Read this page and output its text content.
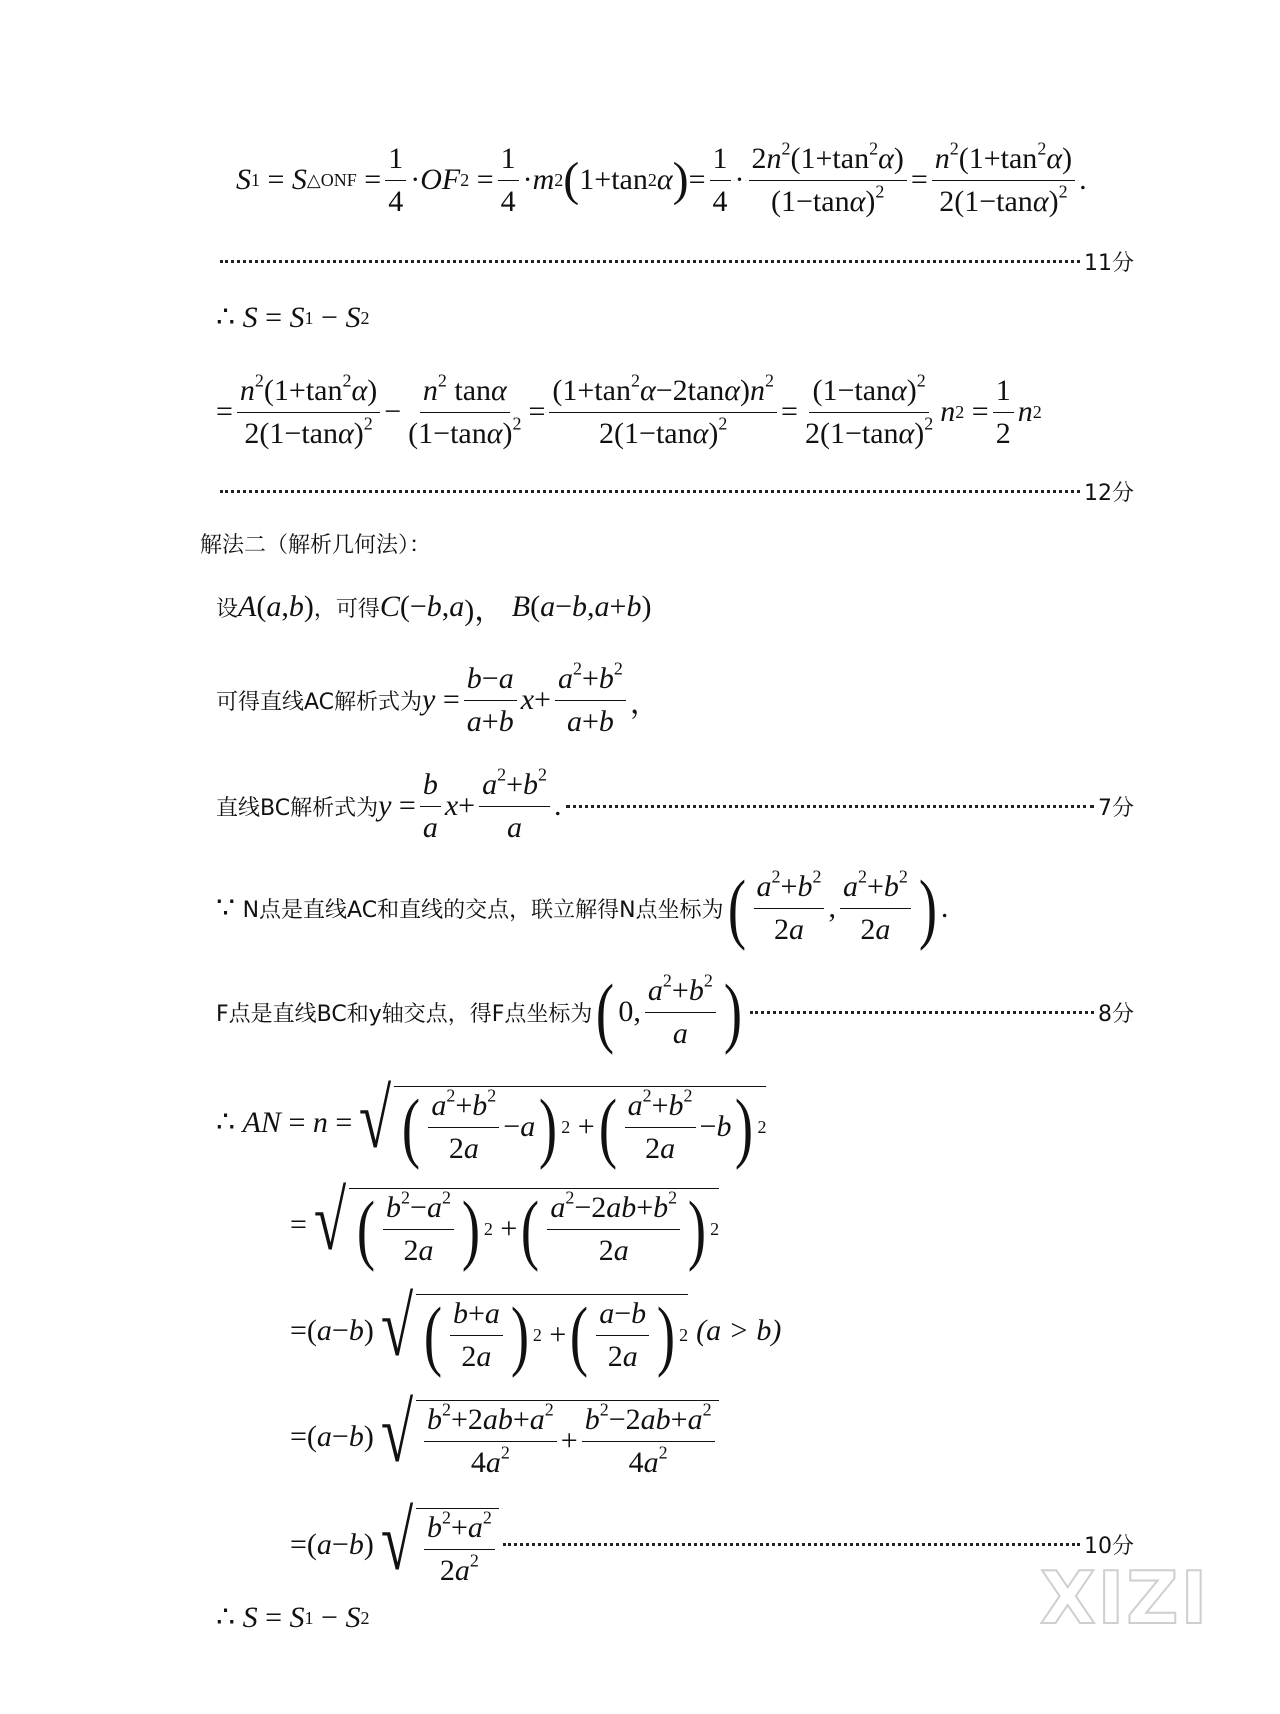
S 1 = S △ONF = $\frac{1}{4}$ · OF $2 = \frac{1}{4} \cdot m$ 2 ( 1+tan 2 α ) = $\frac{1}{4} \cdot \frac{2n^2(1+\tan^2\alpha)}{(1-\tan\alpha)^2} = \frac{n^2(1+\tan^2\alpha)}{2(1-\tan\alpha)^2}$ .
11分
∴ S = S 1 − S 2
= $\frac{n^2(1+\tan^2\alpha)}{2(1-\tan\alpha)^2} - \frac{n^2 \tan\alpha}{(1-\tan\alpha)^2} = \frac{(1+\tan^2\alpha-2\tan\alpha)n^2}{2(1-\tan\alpha)^2} = \frac{(1-\tan\alpha)^2}{2(1-\tan\alpha)^2}$ n $2 = \frac{1}{2}$ n 2
12分
解法二（解析几何法）：
设 A ( a , b ) ，可得 C (− b , a )， B ( a − b , a + b )
可得直线AC解析式为 $y = \frac{b-a}{a+b}$ $x + \frac{a^2+b^2}{a+b}$ ，
直线BC解析式为 $y = \frac{b}{a}$ $x + \frac{a^2+b^2}{a}$ .	7分
∵ N点是直线AC和直线的交点，联立解得N点坐标为 ( $\frac{a^2+b^2}{2a}$ , $\frac{a^2+b^2}{2a}$ ) .
F点是直线BC和y轴交点，得F点坐标为 ( 0, $\frac{a^2+b^2}{a}$ )	8分
∴ AN = n = √ ( $\frac{a^2+b^2}{2a} - a$ ) 2 + ( $\frac{a^2+b^2}{2a} - b$ ) 2
= √ ( $\frac{b^2-a^2}{2a}$ ) 2 + ( $\frac{a^2-2ab+b^2}{2a}$ ) 2
=( a − b ) √ ( $\frac{b+a}{2a}$ ) 2 + ( $\frac{a-b}{2a}$ ) 2 (a > b)
=( a − b ) √ $\frac{b^2+2ab+a^2}{4a^2} + \frac{b^2-2ab+a^2}{4a^2}$
=( a − b ) √ $\frac{b^2+a^2}{2a^2}$	10分
∴ S = S 1 − S 2	XIZI
